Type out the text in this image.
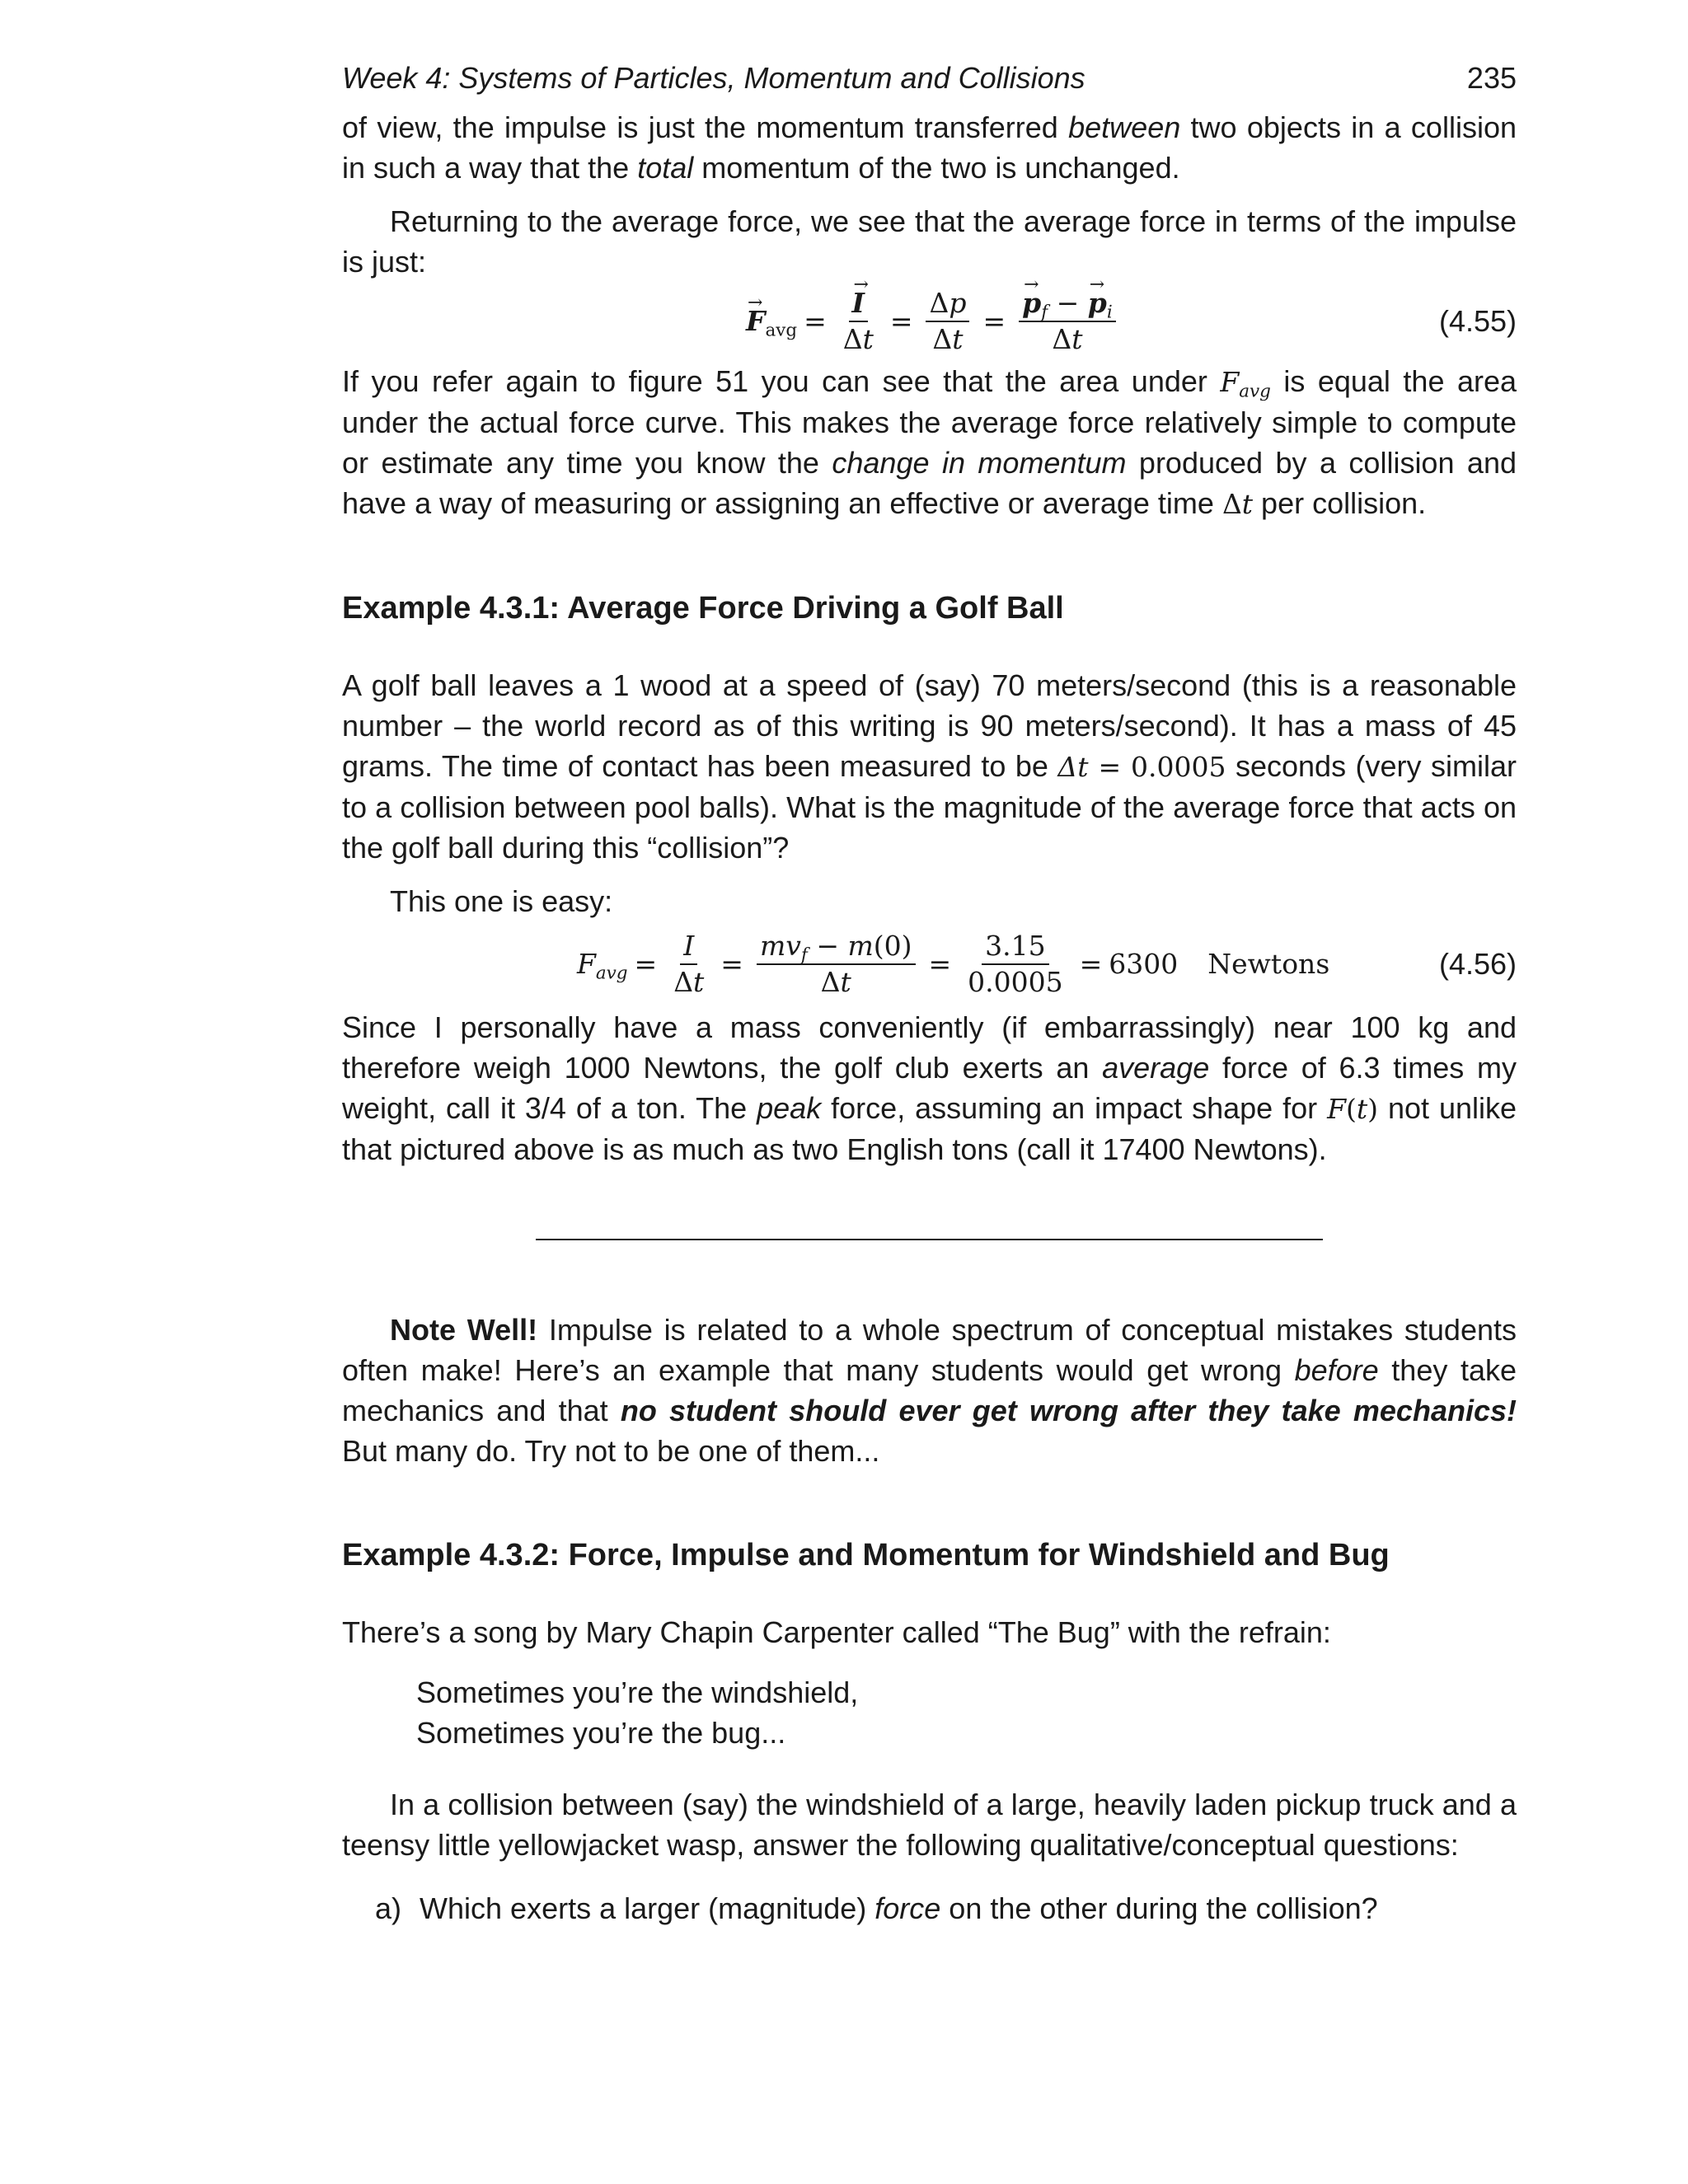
Week 4: Systems of Particles, Momentum and Collisions	235

of view, the impulse is just the momentum transferred between two objects in a collision in such a way that the total momentum of the two is unchanged.

Returning to the average force, we see that the average force in terms of the impulse is just:

→ $F_{avg}$ = → $\frac{I}{\Delta t} = \frac{\Delta p}{\Delta t}$ = → $\frac{p_f - \to p_i}{\Delta t}$	(4.55)

If you refer again to figure 51 you can see that the area under $F_{avg}$ is equal the area under the actual force curve. This makes the average force relatively simple to compute or estimate any time you know the change in momentum produced by a collision and have a way of measuring or assigning an effective or average time Δt per collision.

Example 4.3.1: Average Force Driving a Golf Ball

A golf ball leaves a 1 wood at a speed of (say) 70 meters/second (this is a reasonable number – the world record as of this writing is 90 meters/second). It has a mass of 45 grams. The time of contact has been measured to be Δt = 0.0005 seconds (very similar to a collision between pool balls). What is the magnitude of the average force that acts on the golf ball during this “collision”?

This one is easy:

$F_{avg} = \frac{I}{\Delta t} = \frac{mv_f - m(0)}{\Delta t} = \frac{3.15}{0.0005} = 6300$ Newtons	(4.56)

Since I personally have a mass conveniently (if embarrassingly) near 100 kg and therefore weigh 1000 Newtons, the golf club exerts an average force of 6.3 times my weight, call it 3/4 of a ton. The peak force, assuming an impact shape for F(t) not unlike that pictured above is as much as two English tons (call it 17400 Newtons).

Note Well! Impulse is related to a whole spectrum of conceptual mistakes students often make! Here’s an example that many students would get wrong before they take mechanics and that no student should ever get wrong after they take mechanics! But many do. Try not to be one of them...

Example 4.3.2: Force, Impulse and Momentum for Windshield and Bug

There’s a song by Mary Chapin Carpenter called “The Bug” with the refrain:

Sometimes you’re the windshield,
Sometimes you’re the bug...

In a collision between (say) the windshield of a large, heavily laden pickup truck and a teensy little yellowjacket wasp, answer the following qualitative/conceptual questions:

a) Which exerts a larger (magnitude) force on the other during the collision?
